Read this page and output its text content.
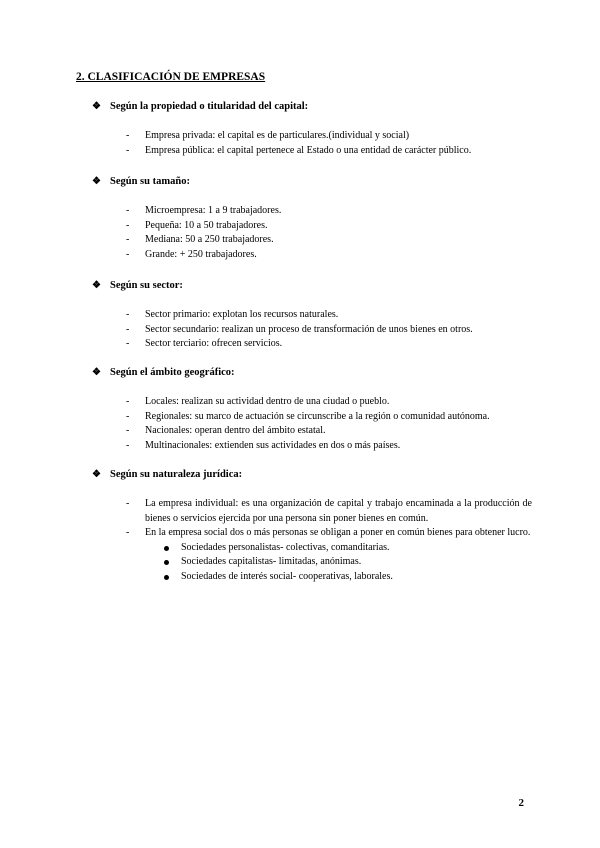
2. CLASIFICACIÓN DE EMPRESAS
❖ Según la propiedad o titularidad del capital:
- Empresa privada: el capital es de particulares.(individual y social)
- Empresa pública: el capital pertenece al Estado o una entidad de carácter público.
❖ Según su tamaño:
- Microempresa: 1 a 9 trabajadores.
- Pequeña: 10 a 50 trabajadores.
- Mediana: 50 a 250 trabajadores.
- Grande: + 250 trabajadores.
❖ Según su sector:
- Sector primario: explotan los recursos naturales.
- Sector secundario: realizan un proceso de transformación de unos bienes en otros.
- Sector terciario: ofrecen servicios.
❖ Según el ámbito geográfico:
- Locales: realizan su actividad dentro de una ciudad o pueblo.
- Regionales: su marco de actuación se circunscribe a la región o comunidad autónoma.
- Nacionales: operan dentro del ámbito estatal.
- Multinacionales: extienden sus actividades en dos o más países.
❖ Según su naturaleza jurídica:
- La empresa individual: es una organización de capital y trabajo encaminada a la producción de bienes o servicios ejercida por una persona sin poner bienes en común.
- En la empresa social dos o más personas se obligan a poner en común bienes para obtener lucro.
Sociedades personalistas- colectivas, comanditarias.
Sociedades capitalistas- limitadas, anónimas.
Sociedades de interés social- cooperativas, laborales.
2
